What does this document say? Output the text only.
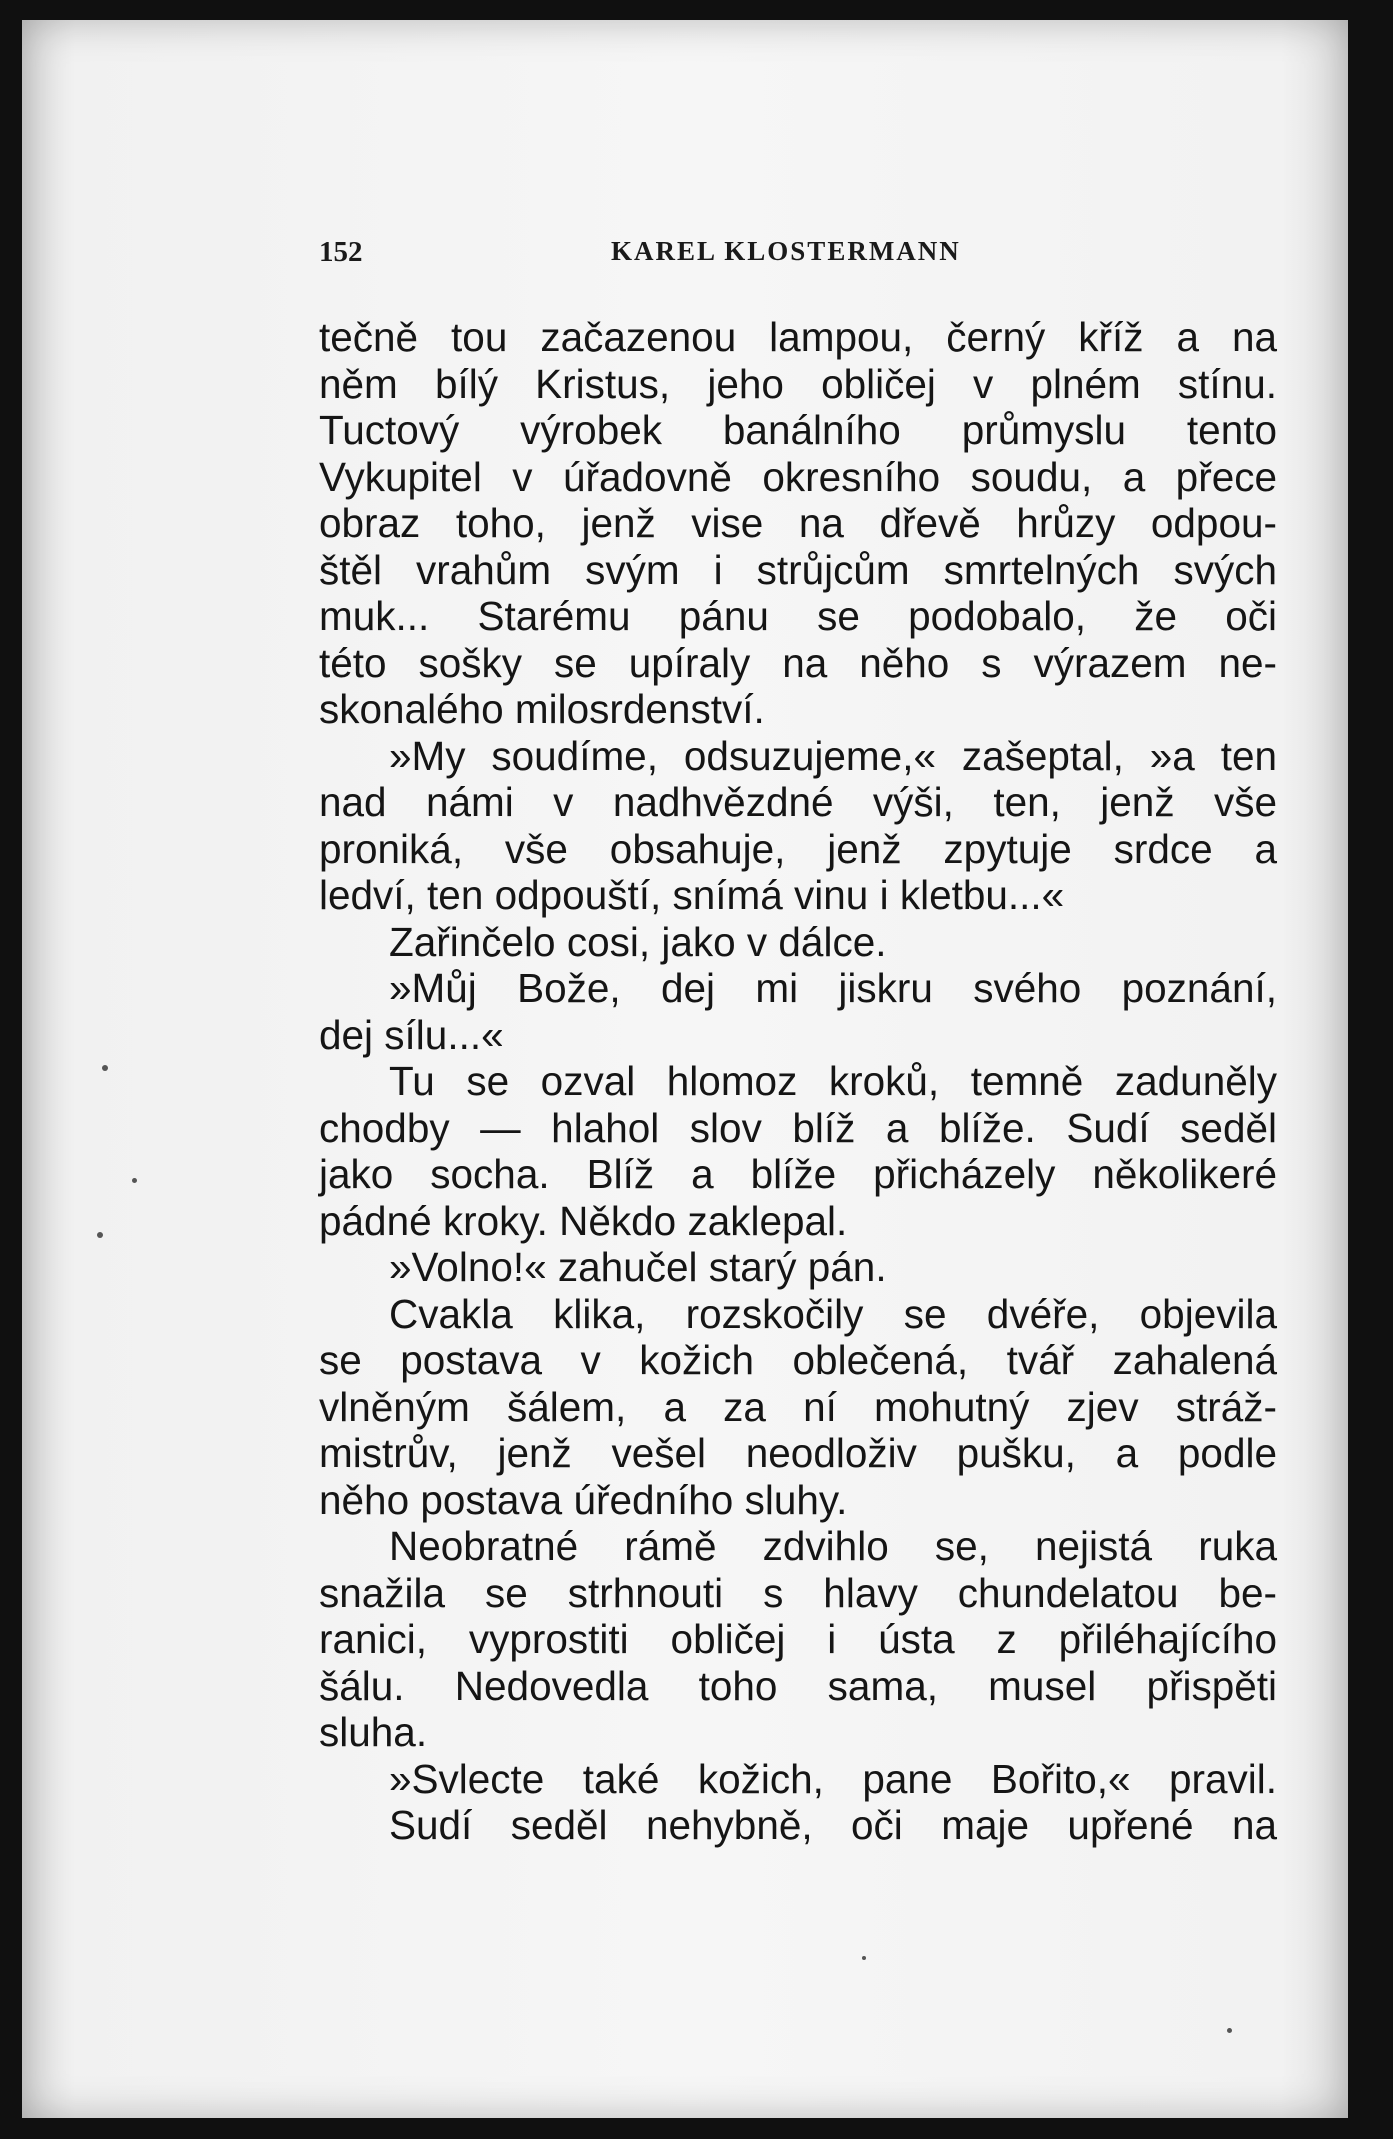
152	KAREL KLOSTERMANN
tečně tou začazenou lampou, černý kříž a na
něm bílý Kristus, jeho obličej v plném stínu.
Tuctový výrobek banálního průmyslu tento
Vykupitel v úřadovně okresního soudu, a přece
obraz toho, jenž vise na dřevě hrůzy odpou-
štěl vrahům svým i strůjcům smrtelných svých
muk... Starému pánu se podobalo, že oči
této sošky se upíraly na něho s výrazem ne-
skonalého milosrdenství.
»My soudíme, odsuzujeme,« zašeptal, »a ten
nad námi v nadhvězdné výši, ten, jenž vše
proniká, vše obsahuje, jenž zpytuje srdce a
ledví, ten odpouští, snímá vinu i kletbu...«
Zařinčelo cosi, jako v dálce.
»Můj Bože, dej mi jiskru svého poznání,
dej sílu...«
Tu se ozval hlomoz kroků, temně zaduněly
chodby — hlahol slov blíž a blíže. Sudí seděl
jako socha. Blíž a blíže přicházely několikeré
pádné kroky. Někdo zaklepal.
»Volno!« zahučel starý pán.
Cvakla klika, rozskočily se dvéře, objevila
se postava v kožich oblečená, tvář zahalená
vlněným šálem, a za ní mohutný zjev stráž-
mistrův, jenž vešel neodloživ pušku, a podle
něho postava úředního sluhy.
Neobratné rámě zdvihlo se, nejistá ruka
snažila se strhnouti s hlavy chundelatou be-
ranici, vyprostiti obličej i ústa z přiléhajícího
šálu. Nedovedla toho sama, musel přispěti
sluha.
»Svlecte také kožich, pane Bořito,« pravil.
Sudí seděl nehybně, oči maje upřené na
